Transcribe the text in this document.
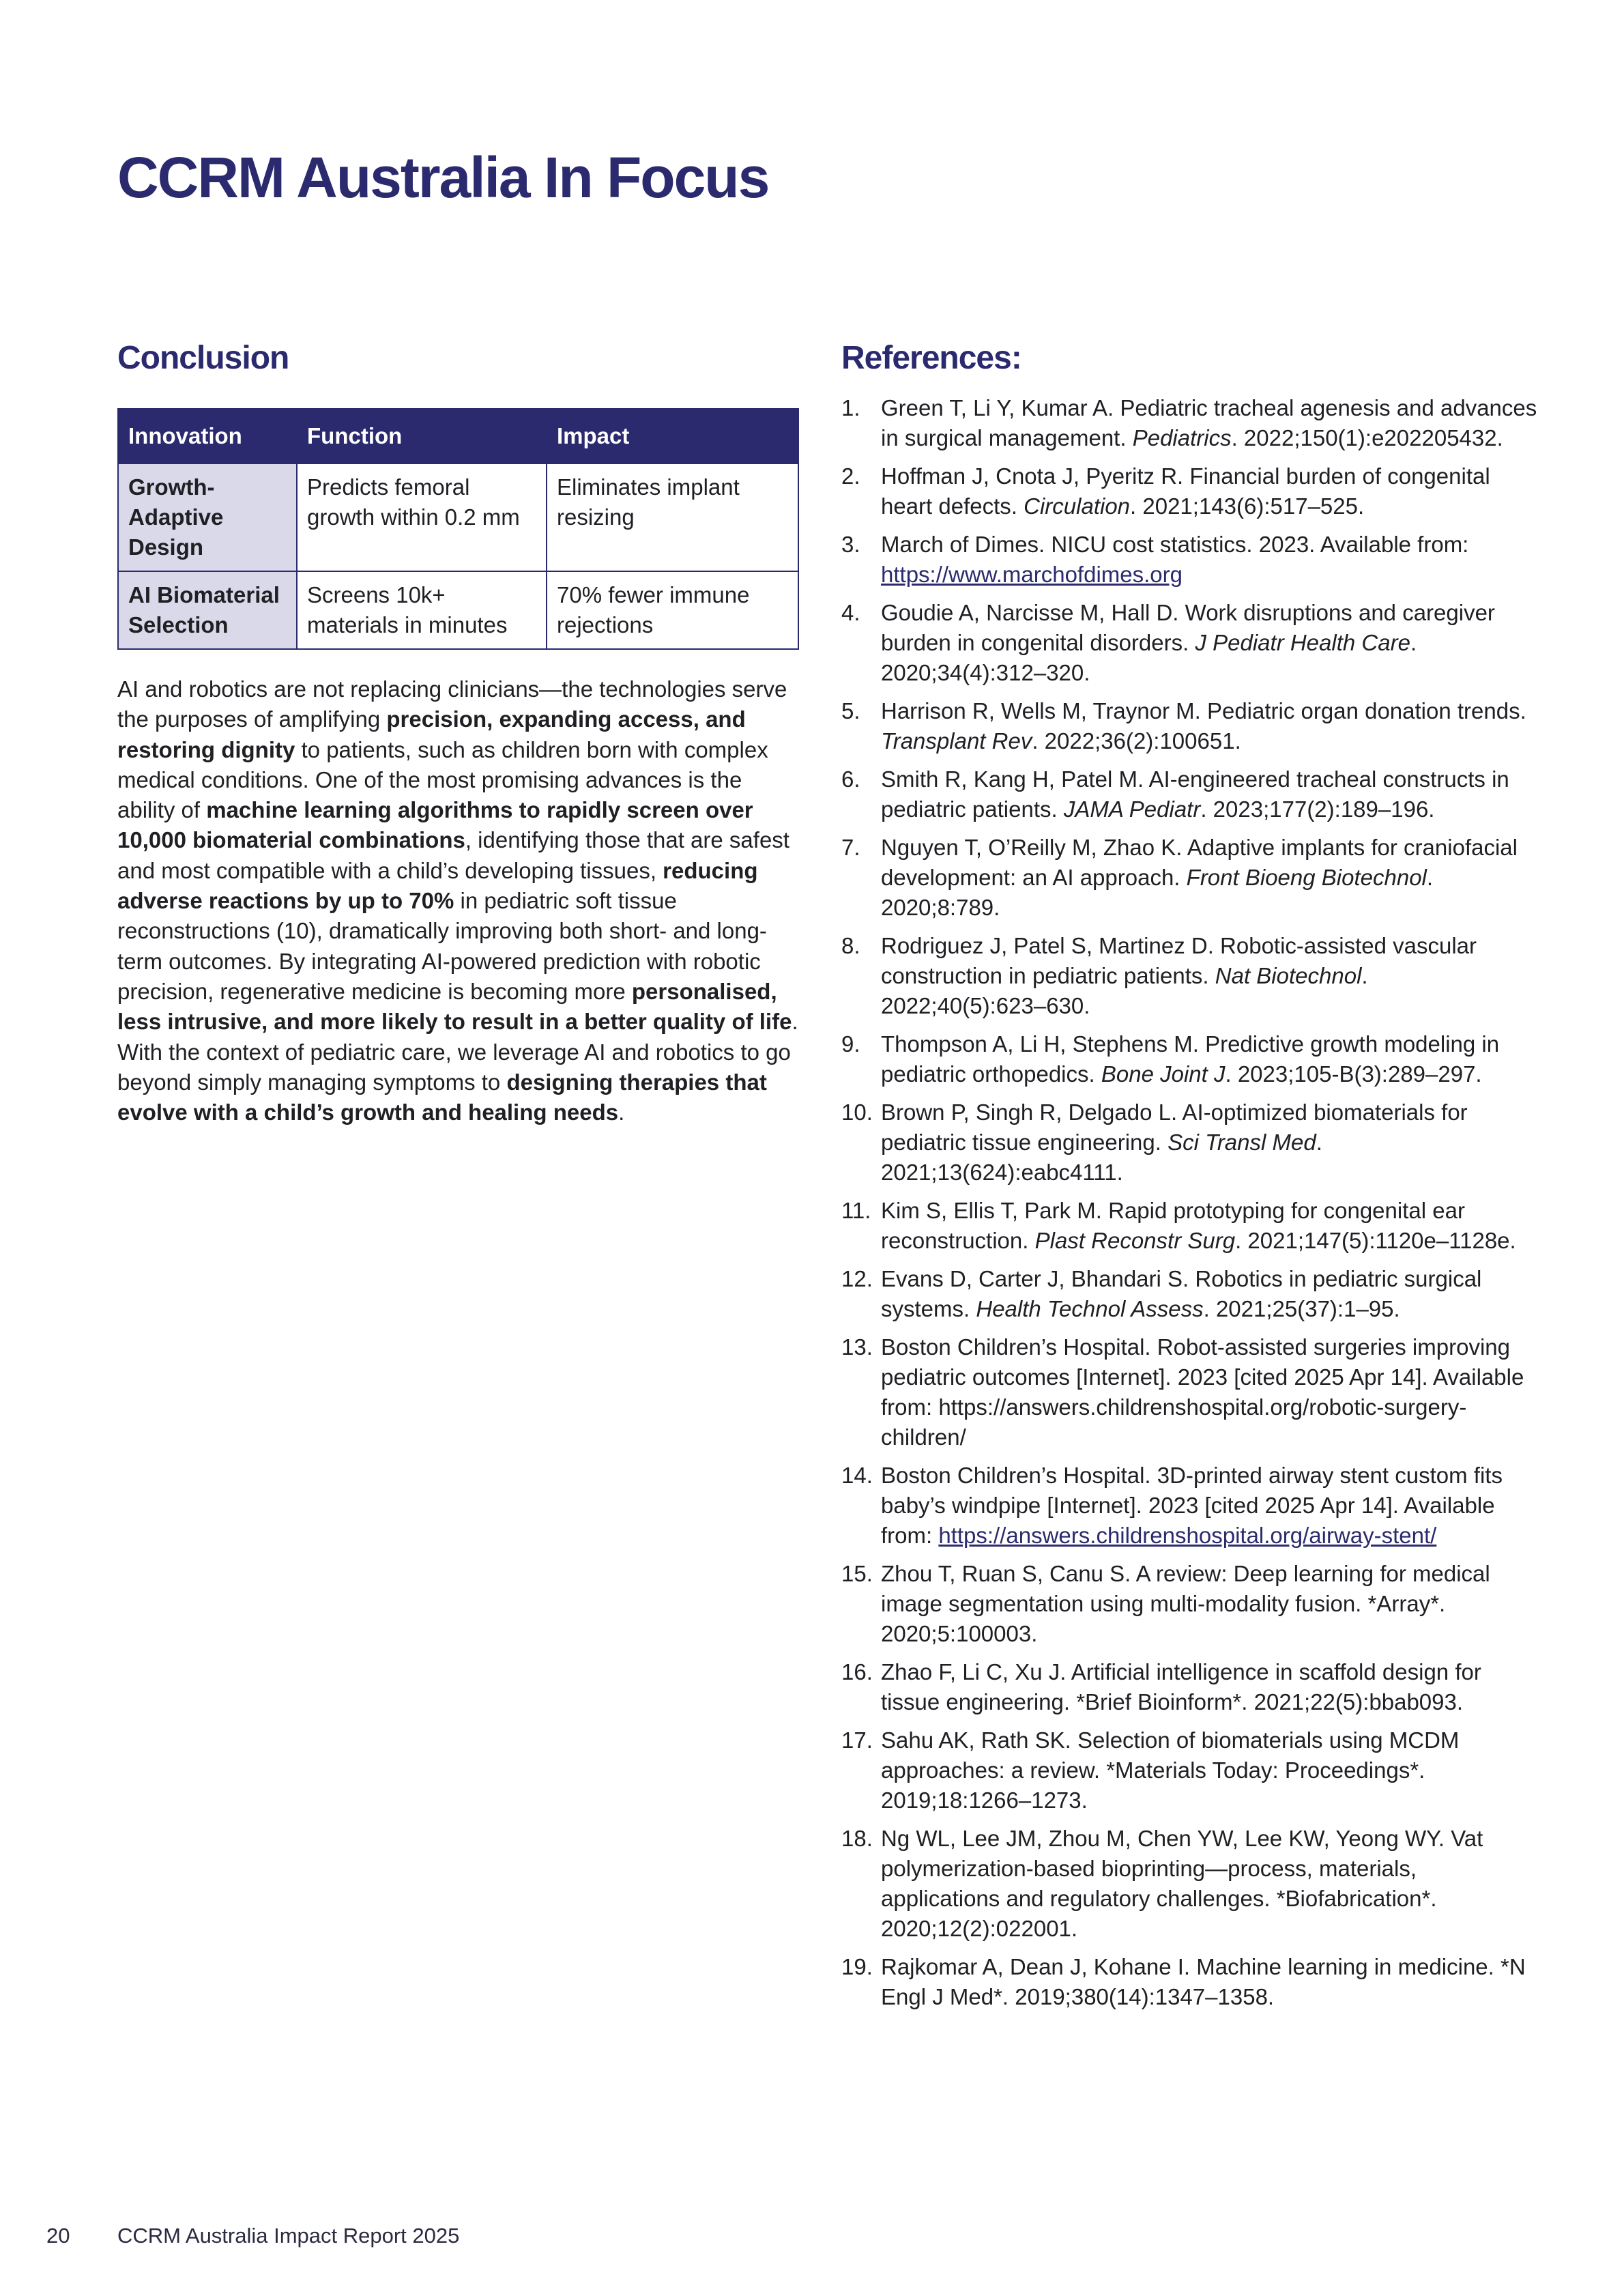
CCRM Australia In Focus
Conclusion
Innovation	Function	Impact
Growth-Adaptive Design	Predicts femoral growth within 0.2 mm	Eliminates implant resizing
AI Biomaterial Selection	Screens 10k+ materials in minutes	70% fewer immune rejections
AI and robotics are not replacing clinicians—the technologies serve the purposes of amplifying precision, expanding access, and restoring dignity to patients, such as children born with complex medical conditions. One of the most promising advances is the ability of machine learning algorithms to rapidly screen over 10,000 biomaterial combinations, identifying those that are safest and most compatible with a child’s developing tissues, reducing adverse reactions by up to 70% in pediatric soft tissue reconstructions (10), dramatically improving both short- and long-term outcomes. By integrating AI-powered prediction with robotic precision, regenerative medicine is becoming more personalised, less intrusive, and more likely to result in a better quality of life. With the context of pediatric care, we leverage AI and robotics to go beyond simply managing symptoms to designing therapies that evolve with a child’s growth and healing needs.
References:
1. Green T, Li Y, Kumar A. Pediatric tracheal agenesis and advances in surgical management. Pediatrics. 2022;150(1):e202205432.
2. Hoffman J, Cnota J, Pyeritz R. Financial burden of congenital heart defects. Circulation. 2021;143(6):517–525.
3. March of Dimes. NICU cost statistics. 2023. Available from: https://www.marchofdimes.org
4. Goudie A, Narcisse M, Hall D. Work disruptions and caregiver burden in congenital disorders. J Pediatr Health Care. 2020;34(4):312–320.
5. Harrison R, Wells M, Traynor M. Pediatric organ donation trends. Transplant Rev. 2022;36(2):100651.
6. Smith R, Kang H, Patel M. AI-engineered tracheal constructs in pediatric patients. JAMA Pediatr. 2023;177(2):189–196.
7. Nguyen T, O’Reilly M, Zhao K. Adaptive implants for craniofacial development: an AI approach. Front Bioeng Biotechnol. 2020;8:789.
8. Rodriguez J, Patel S, Martinez D. Robotic-assisted vascular construction in pediatric patients. Nat Biotechnol. 2022;40(5):623–630.
9. Thompson A, Li H, Stephens M. Predictive growth modeling in pediatric orthopedics. Bone Joint J. 2023;105-B(3):289–297.
10. Brown P, Singh R, Delgado L. AI-optimized biomaterials for pediatric tissue engineering. Sci Transl Med. 2021;13(624):eabc4111.
11. Kim S, Ellis T, Park M. Rapid prototyping for congenital ear reconstruction. Plast Reconstr Surg. 2021;147(5):1120e–1128e.
12. Evans D, Carter J, Bhandari S. Robotics in pediatric surgical systems. Health Technol Assess. 2021;25(37):1–95.
13. Boston Children’s Hospital. Robot-assisted surgeries improving pediatric outcomes [Internet]. 2023 [cited 2025 Apr 14]. Available from: https://answers.childrenshospital.org/robotic-surgery-children/
14. Boston Children’s Hospital. 3D-printed airway stent custom fits baby’s windpipe [Internet]. 2023 [cited 2025 Apr 14]. Available from: https://answers.childrenshospital.org/airway-stent/
15. Zhou T, Ruan S, Canu S. A review: Deep learning for medical image segmentation using multi-modality fusion. *Array*. 2020;5:100003.
16. Zhao F, Li C, Xu J. Artificial intelligence in scaffold design for tissue engineering. *Brief Bioinform*. 2021;22(5):bbab093.
17. Sahu AK, Rath SK. Selection of biomaterials using MCDM approaches: a review. *Materials Today: Proceedings*. 2019;18:1266–1273.
18. Ng WL, Lee JM, Zhou M, Chen YW, Lee KW, Yeong WY. Vat polymerization-based bioprinting—process, materials, applications and regulatory challenges. *Biofabrication*. 2020;12(2):022001.
19. Rajkomar A, Dean J, Kohane I. Machine learning in medicine. *N Engl J Med*. 2019;380(14):1347–1358.
20 CCRM Australia Impact Report 2025
